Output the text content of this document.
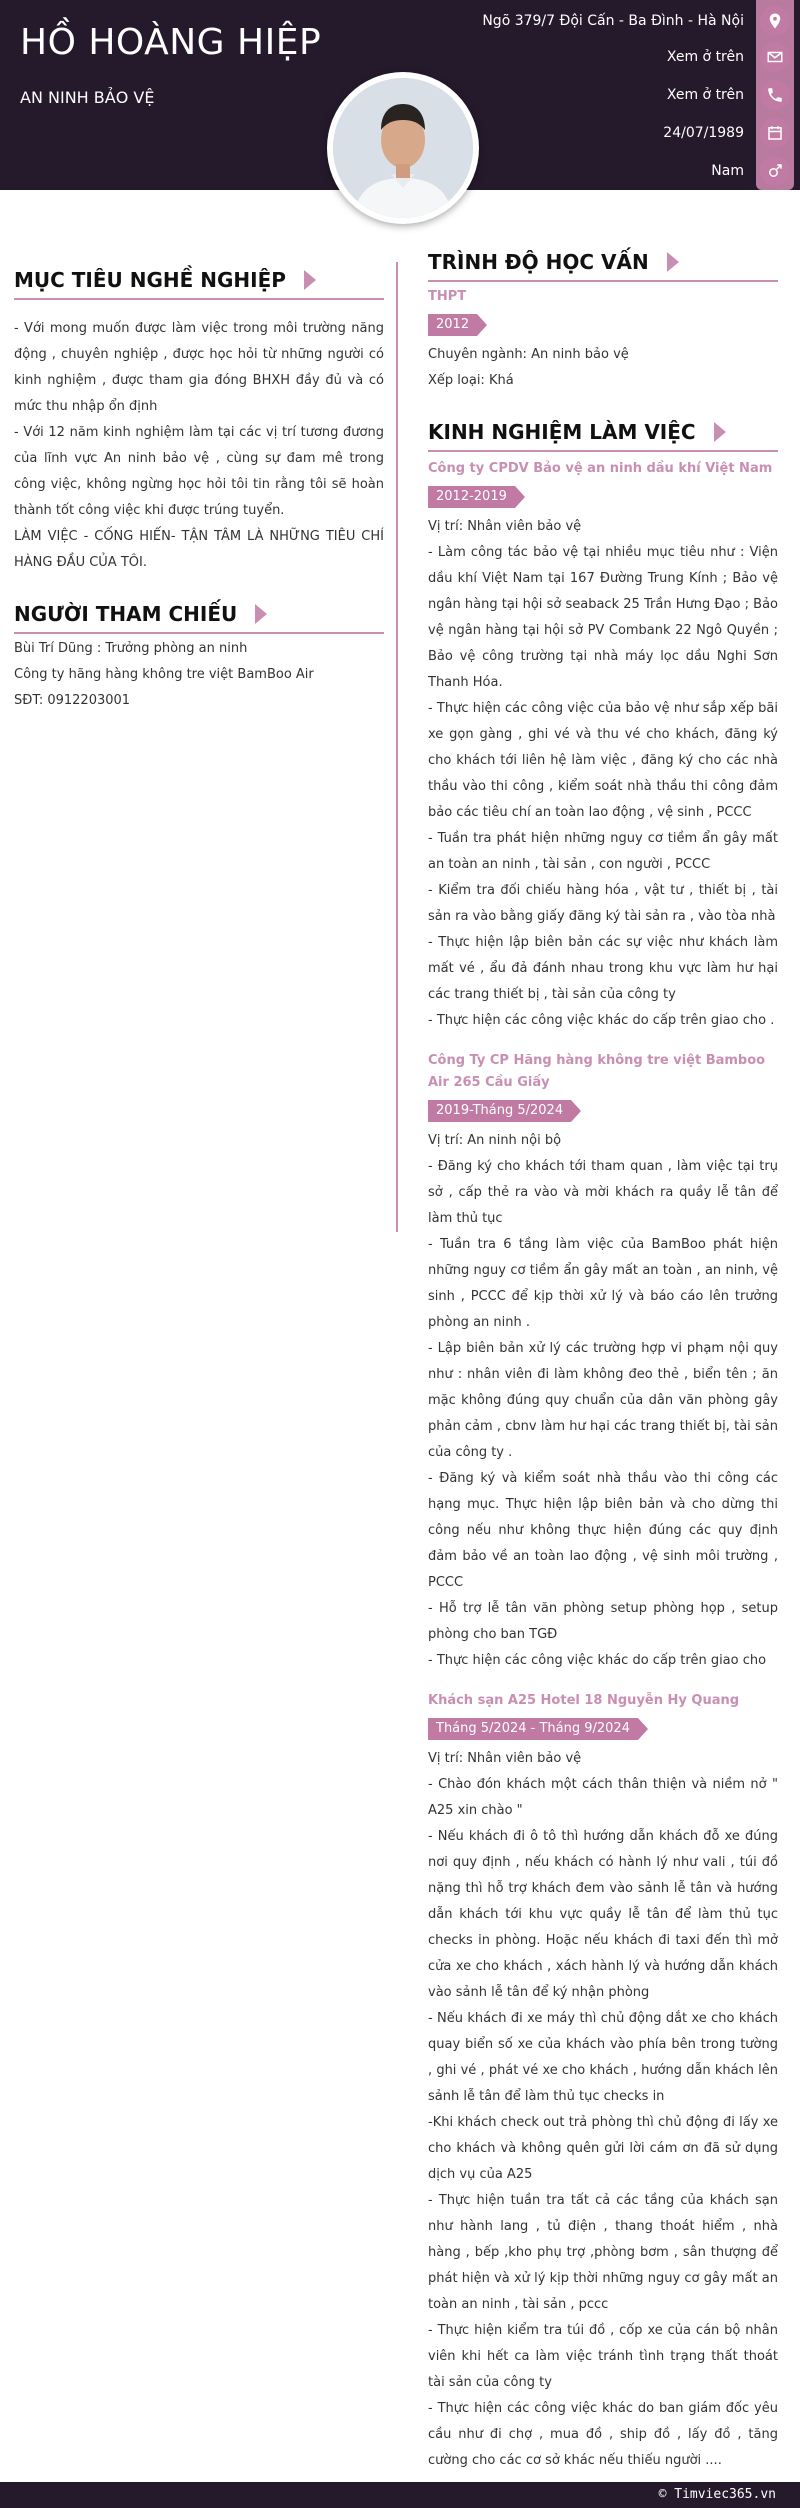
HỒ HOÀNG HIỆP
AN NINH BẢO VỆ
Ngõ 379/7 Đội Cấn - Ba Đình - Hà Nội
Xem ở trên
Xem ở trên
24/07/1989
Nam
MỤC TIÊU NGHỀ NGHIỆP

- Với mong muốn được làm việc trong môi trường năng động , chuyên nghiệp , được học hỏi từ những người có kinh nghiệm , được tham gia đóng BHXH đầy đủ và có mức thu nhập ổn định

- Với 12 năm kinh nghiệm làm tại các vị trí tương đương của lĩnh vực An ninh bảo vệ , cùng sự đam mê trong công việc, không ngừng học hỏi tôi tin rằng tôi sẽ hoàn thành tốt công việc khi được trúng tuyển.

LÀM VIỆC - CỐNG HIẾN- TẬN TÂM LÀ NHỮNG TIÊU CHÍ HÀNG ĐẦU CỦA TÔI.

NGƯỜI THAM CHIẾU

Bùi Trí Dũng : Trưởng phòng an ninh

Công ty hãng hàng không tre việt BamBoo Air

SĐT: 0912203001

TRÌNH ĐỘ HỌC VẤN
THPT
2012
Chuyên ngành: An ninh bảo vệ
Xếp loại: Khá
KINH NGHIỆM LÀM VIỆC
Công ty CPDV Bảo vệ an ninh dầu khí Việt Nam
2012-2019

Vị trí: Nhân viên bảo vệ

- Làm công tác bảo vệ tại nhiều mục tiêu như : Viện dầu khí Việt Nam tại 167 Đường Trung Kính ; Bảo vệ ngân hàng tại hội sở seaback 25 Trần Hưng Đạo ; Bảo vệ ngân hàng tại hội sở PV Combank 22 Ngô Quyền ; Bảo vệ công trường tại nhà máy lọc dầu Nghi Sơn Thanh Hóa.

- Thực hiện các công việc của bảo vệ như sắp xếp bãi xe gọn gàng , ghi vé và thu vé cho khách, đăng ký cho khách tới liên hệ làm việc , đăng ký cho các nhà thầu vào thi công , kiểm soát nhà thầu thi công đảm bảo các tiêu chí an toàn lao động , vệ sinh , PCCC

- Tuần tra phát hiện những nguy cơ tiềm ẩn gây mất an toàn an ninh , tài sản , con người , PCCC

- Kiểm tra đối chiếu hàng hóa , vật tư , thiết bị , tài sản ra vào bằng giấy đăng ký tài sản ra , vào tòa nhà

- Thực hiện lập biên bản các sự việc như khách làm mất vé , ẩu đả đánh nhau trong khu vực làm hư hại các trang thiết bị , tài sản của công ty

- Thực hiện các công việc khác do cấp trên giao cho .

Công Ty CP Hãng hàng không tre việt Bamboo Air 265 Cầu Giấy
2019-Tháng 5/2024

Vị trí: An ninh nội bộ

- Đăng ký cho khách tới tham quan , làm việc tại trụ sở , cấp thẻ ra vào và mời khách ra quầy lễ tân để làm thủ tục

- Tuần tra 6 tầng làm việc của BamBoo phát hiện những nguy cơ tiềm ẩn gây mất an toàn , an ninh, vệ sinh , PCCC để kịp thời xử lý và báo cáo lên trưởng phòng an ninh .

- Lập biên bản xử lý các trường hợp vi phạm nội quy như : nhân viên đi làm không đeo thẻ , biển tên ; ăn mặc không đúng quy chuẩn của dân văn phòng gây phản cảm , cbnv làm hư hại các trang thiết bị, tài sản của công ty .

- Đăng ký và kiểm soát nhà thầu vào thi công các hạng mục. Thực hiện lập biên bản và cho dừng thi công nếu như không thực hiện đúng các quy định đảm bảo về an toàn lao động , vệ sinh môi trường , PCCC

- Hỗ trợ lễ tân văn phòng setup phòng họp , setup phòng cho ban TGĐ

- Thực hiện các công việc khác do cấp trên giao cho

Khách sạn A25 Hotel 18 Nguyễn Hy Quang
Tháng 5/2024 - Tháng 9/2024

Vị trí: Nhân viên bảo vệ

- Chào đón khách một cách thân thiện và niềm nở " A25 xin chào "

- Nếu khách đi ô tô thì hướng dẫn khách đỗ xe đúng nơi quy định , nếu khách có hành lý như vali , túi đồ nặng thì hỗ trợ khách đem vào sảnh lễ tân và hướng dẫn khách tới khu vực quầy lễ tân để làm thủ tục checks in phòng. Hoặc nếu khách đi taxi đến thì mở cửa xe cho khách , xách hành lý và hướng dẫn khách vào sảnh lễ tân để ký nhận phòng

- Nếu khách đi xe máy thì chủ động dắt xe cho khách quay biển số xe của khách vào phía bên trong tường , ghi vé , phát vé xe cho khách , hướng dẫn khách lên sảnh lễ tân để làm thủ tục checks in

-Khi khách check out trả phòng thì chủ động đi lấy xe cho khách và không quên gửi lời cám ơn đã sử dụng dịch vụ của A25

- Thực hiện tuần tra tất cả các tầng của khách sạn như hành lang , tủ điện , thang thoát hiểm , nhà hàng , bếp ,kho phụ trợ ,phòng bơm , sân thượng để phát hiện và xử lý kịp thời những nguy cơ gây mất an toàn an ninh , tài sản , pccc

- Thực hiện kiểm tra túi đồ , cốp xe của cán bộ nhân viên khi hết ca làm việc tránh tình trạng thất thoát tài sản của công ty

- Thực hiện các công việc khác do ban giám đốc yêu cầu như đi chợ , mua đồ , ship đồ , lấy đồ , tăng cường cho các cơ sở khác nếu thiếu người ....

© Timviec365.vn
